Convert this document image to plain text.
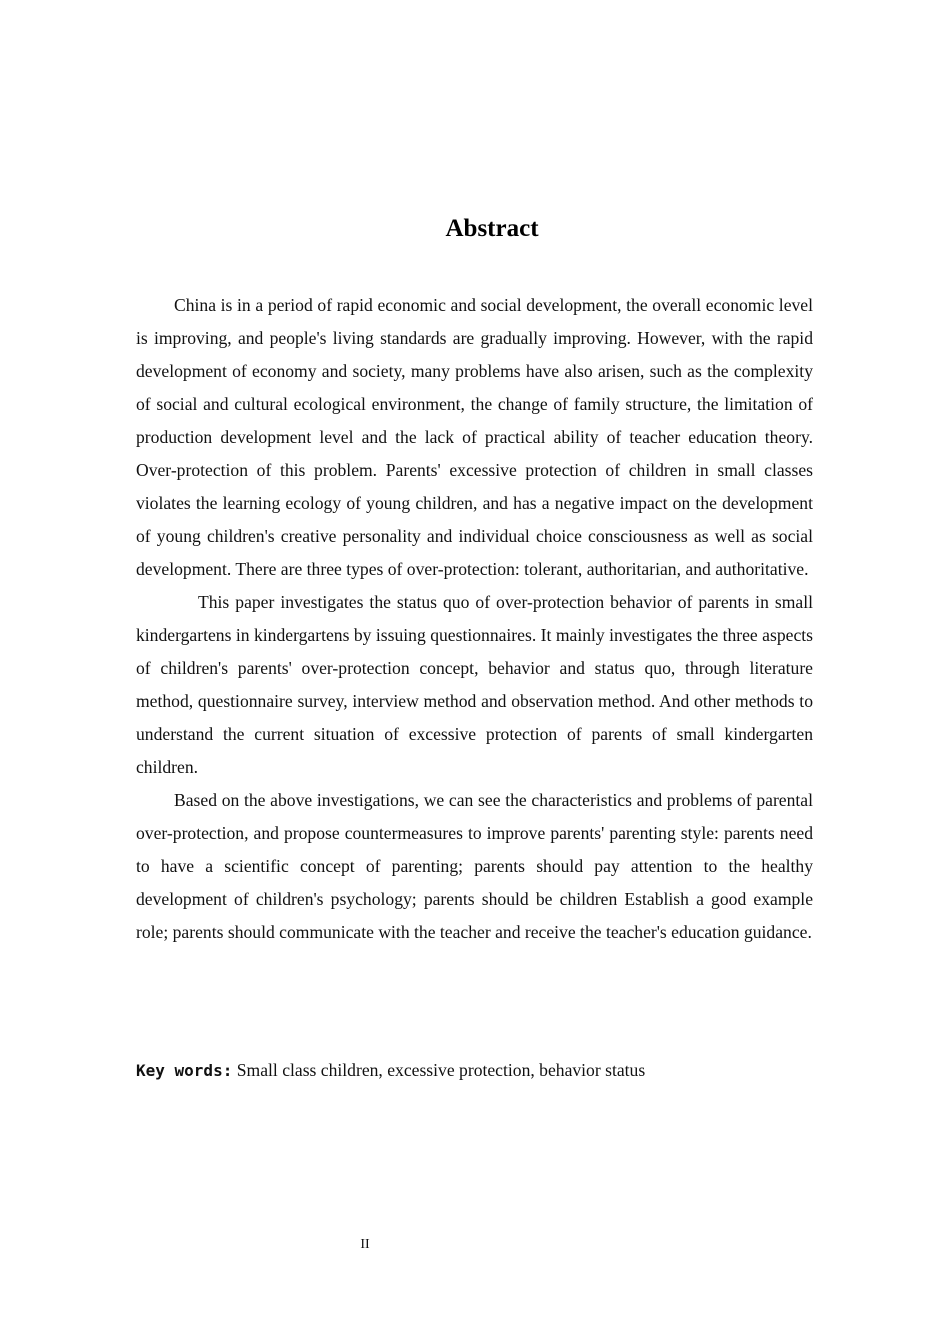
Abstract

China is in a period of rapid economic and social development, the overall economic level is improving, and people's living standards are gradually improving. However, with the rapid development of economy and society, many problems have also arisen, such as the complexity of social and cultural ecological environment, the change of family structure, the limitation of production development level and the lack of practical ability of teacher education theory. Over-protection of this problem. Parents' excessive protection of children in small classes violates the learning ecology of young children, and has a negative impact on the development of young children's creative personality and individual choice consciousness as well as social development. There are three types of over-protection: tolerant, authoritarian, and authoritative.

This paper investigates the status quo of over-protection behavior of parents in small kindergartens in kindergartens by issuing questionnaires. It mainly investigates the three aspects of children's parents' over-protection concept, behavior and status quo, through literature method, questionnaire survey, interview method and observation method. And other methods to understand the current situation of excessive protection of parents of small kindergarten children.

Based on the above investigations, we can see the characteristics and problems of parental over-protection, and propose countermeasures to improve parents' parenting style: parents need to have a scientific concept of parenting; parents should pay attention to the healthy development of children's psychology; parents should be children Establish a good example role; parents should communicate with the teacher and receive the teacher's education guidance.

Key words: Small class children, excessive protection, behavior status
II
